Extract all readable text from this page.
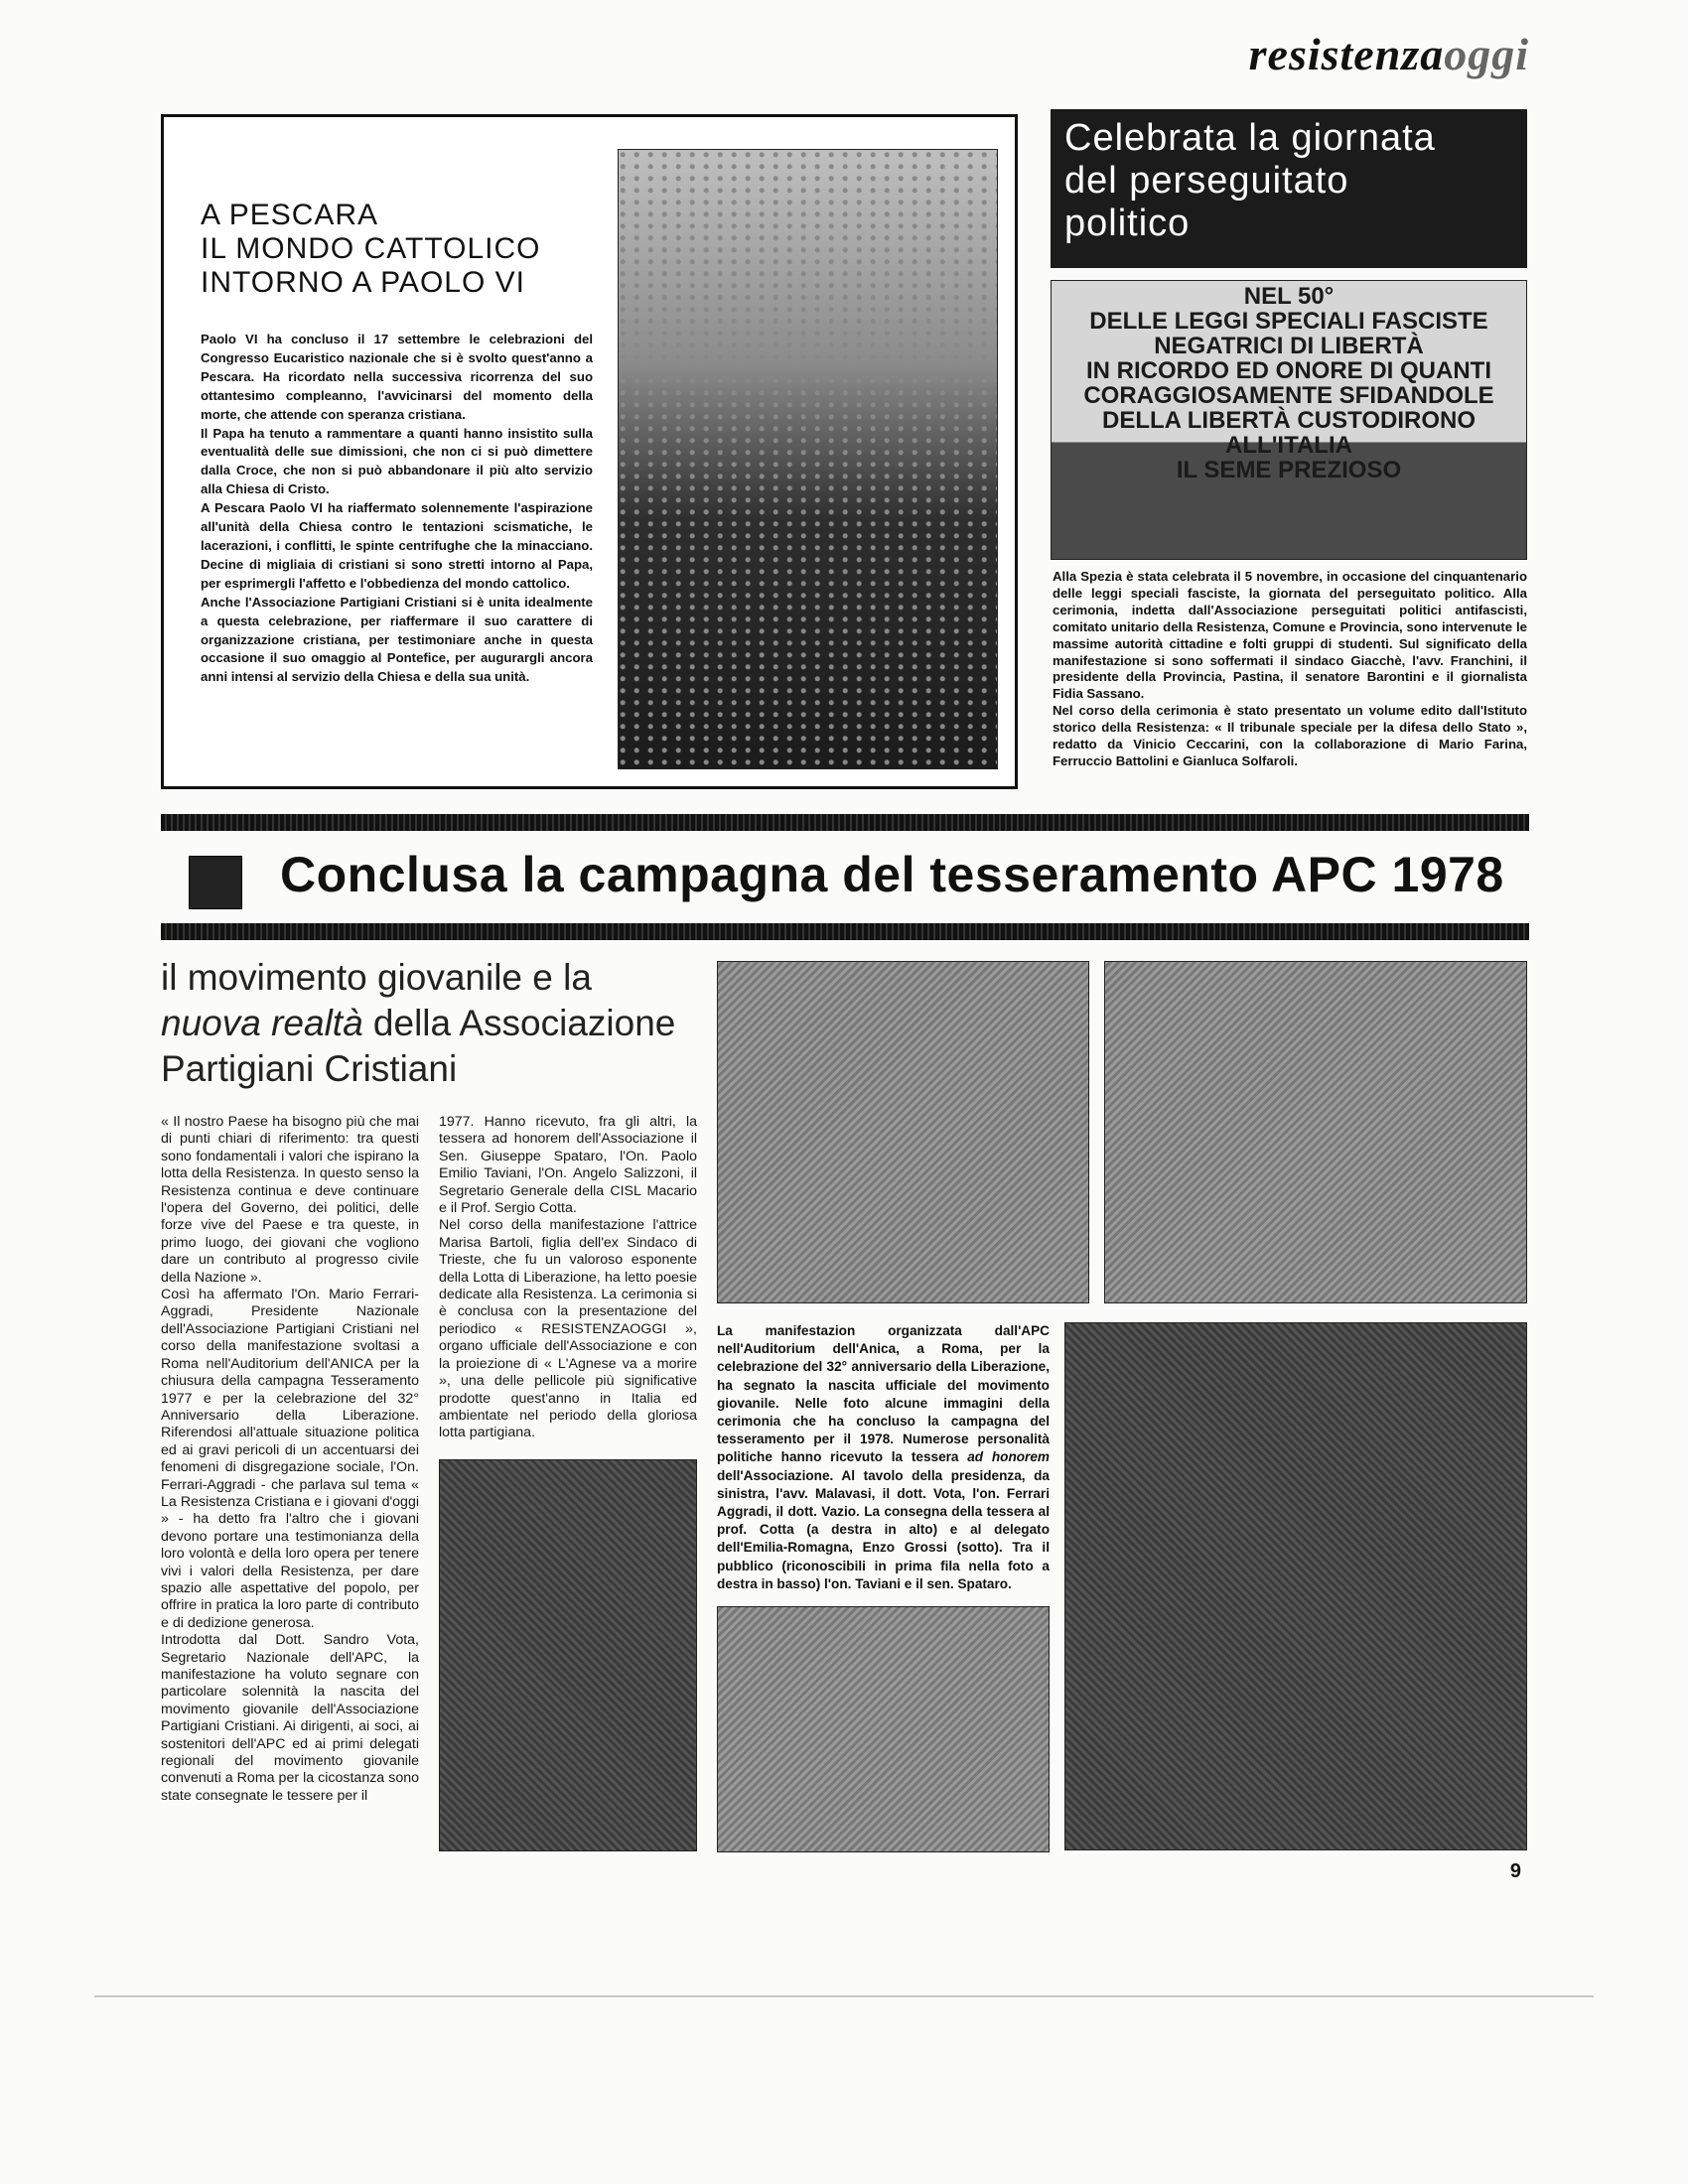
resistenzaoggi
A PESCARA
IL MONDO CATTOLICO
INTORNO A PAOLO VI

Paolo VI ha concluso il 17 settembre le celebrazioni del Congresso Eucaristico nazionale che si è svolto quest'anno a Pescara. Ha ricordato nella successiva ricorrenza del suo ottantesimo compleanno, l'avvicinarsi del momento della morte, che attende con speranza cristiana.

Il Papa ha tenuto a rammentare a quanti hanno insistito sulla eventualità delle sue dimissioni, che non ci si può dimettere dalla Croce, che non si può abbandonare il più alto servizio alla Chiesa di Cristo.

A Pescara Paolo VI ha riaffermato solennemente l'aspirazione all'unità della Chiesa contro le tentazioni scismatiche, le lacerazioni, i conflitti, le spinte centrifughe che la minacciano. Decine di migliaia di cristiani si sono stretti intorno al Papa, per esprimergli l'affetto e l'obbedienza del mondo cattolico.

Anche l'Associazione Partigiani Cristiani si è unita idealmente a questa celebrazione, per riaffermare il suo carattere di organizzazione cristiana, per testimoniare anche in questa occasione il suo omaggio al Pontefice, per augurargli ancora anni intensi al servizio della Chiesa e della sua unità.

Celebrata la giornata
del perseguitato
politico
NEL 50°
DELLE LEGGI SPECIALI FASCISTE
NEGATRICI DI LIBERTÀ
IN RICORDO ED ONORE DI QUANTI
CORAGGIOSAMENTE SFIDANDOLE
DELLA LIBERTÀ CUSTODIRONO
ALL'ITALIA
IL SEME PREZIOSO

Alla Spezia è stata celebrata il 5 novembre, in occasione del cinquantenario delle leggi speciali fasciste, la giornata del perseguitato politico. Alla cerimonia, indetta dall'Associazione perseguitati politici antifascisti, comitato unitario della Resistenza, Comune e Provincia, sono intervenute le massime autorità cittadine e folti gruppi di studenti. Sul significato della manifestazione si sono soffermati il sindaco Giacchè, l'avv. Franchini, il presidente della Provincia, Pastina, il senatore Barontini e il giornalista Fidia Sassano.

Nel corso della cerimonia è stato presentato un volume edito dall'Istituto storico della Resistenza: « Il tribunale speciale per la difesa dello Stato », redatto da Vinicio Ceccarini, con la collaborazione di Mario Farina, Ferruccio Battolini e Gianluca Solfaroli.

Conclusa la campagna del tesseramento APC 1978
il movimento giovanile e la
nuova realtà della Associazione Partigiani Cristiani

« Il nostro Paese ha bisogno più che mai di punti chiari di riferimento: tra questi sono fondamentali i valori che ispirano la lotta della Resistenza. In questo senso la Resistenza continua e deve continuare l'opera del Governo, dei politici, delle forze vive del Paese e tra queste, in primo luogo, dei giovani che vogliono dare un contributo al progresso civile della Nazione ».

Così ha affermato l'On. Mario Ferrari-Aggradi, Presidente Nazionale dell'Associazione Partigiani Cristiani nel corso della manifestazione svoltasi a Roma nell'Auditorium dell'ANICA per la chiusura della campagna Tesseramento 1977 e per la celebrazione del 32° Anniversario della Liberazione. Riferendosi all'attuale situazione politica ed ai gravi pericoli di un accentuarsi dei fenomeni di disgregazione sociale, l'On. Ferrari-Aggradi - che parlava sul tema « La Resistenza Cristiana e i giovani d'oggi » - ha detto fra l'altro che i giovani devono portare una testimonianza della loro volontà e della loro opera per tenere vivi i valori della Resistenza, per dare spazio alle aspettative del popolo, per offrire in pratica la loro parte di contributo e di dedizione generosa.

Introdotta dal Dott. Sandro Vota, Segretario Nazionale dell'APC, la manifestazione ha voluto segnare con particolare solennità la nascita del movimento giovanile dell'Associazione Partigiani Cristiani. Ai dirigenti, ai soci, ai sostenitori dell'APC ed ai primi delegati regionali del movimento giovanile convenuti a Roma per la cicostanza sono state consegnate le tessere per il

1977. Hanno ricevuto, fra gli altri, la tessera ad honorem dell'Associazione il Sen. Giuseppe Spataro, l'On. Paolo Emilio Taviani, l'On. Angelo Salizzoni, il Segretario Generale della CISL Macario e il Prof. Sergio Cotta.

Nel corso della manifestazione l'attrice Marisa Bartoli, figlia dell'ex Sindaco di Trieste, che fu un valoroso esponente della Lotta di Liberazione, ha letto poesie dedicate alla Resistenza. La cerimonia si è conclusa con la presentazione del periodico « RESISTENZAOGGI », organo ufficiale dell'Associazione e con la proiezione di « L'Agnese va a morire », una delle pellicole più significative prodotte quest'anno in Italia ed ambientate nel periodo della gloriosa lotta partigiana.

La manifestazion organizzata dall'APC nell'Auditorium dell'Anica, a Roma, per la celebrazione del 32° anniversario della Liberazione, ha segnato la nascita ufficiale del movimento giovanile. Nelle foto alcune immagini della cerimonia che ha concluso la campagna del tesseramento per il 1978. Numerose personalità politiche hanno ricevuto la tessera ad honorem dell'Associazione. Al tavolo della presidenza, da sinistra, l'avv. Malavasi, il dott. Vota, l'on. Ferrari Aggradi, il dott. Vazio. La consegna della tessera al prof. Cotta (a destra in alto) e al delegato dell'Emilia-Romagna, Enzo Grossi (sotto). Tra il pubblico (riconoscibili in prima fila nella foto a destra in basso) l'on. Taviani e il sen. Spataro.

9
